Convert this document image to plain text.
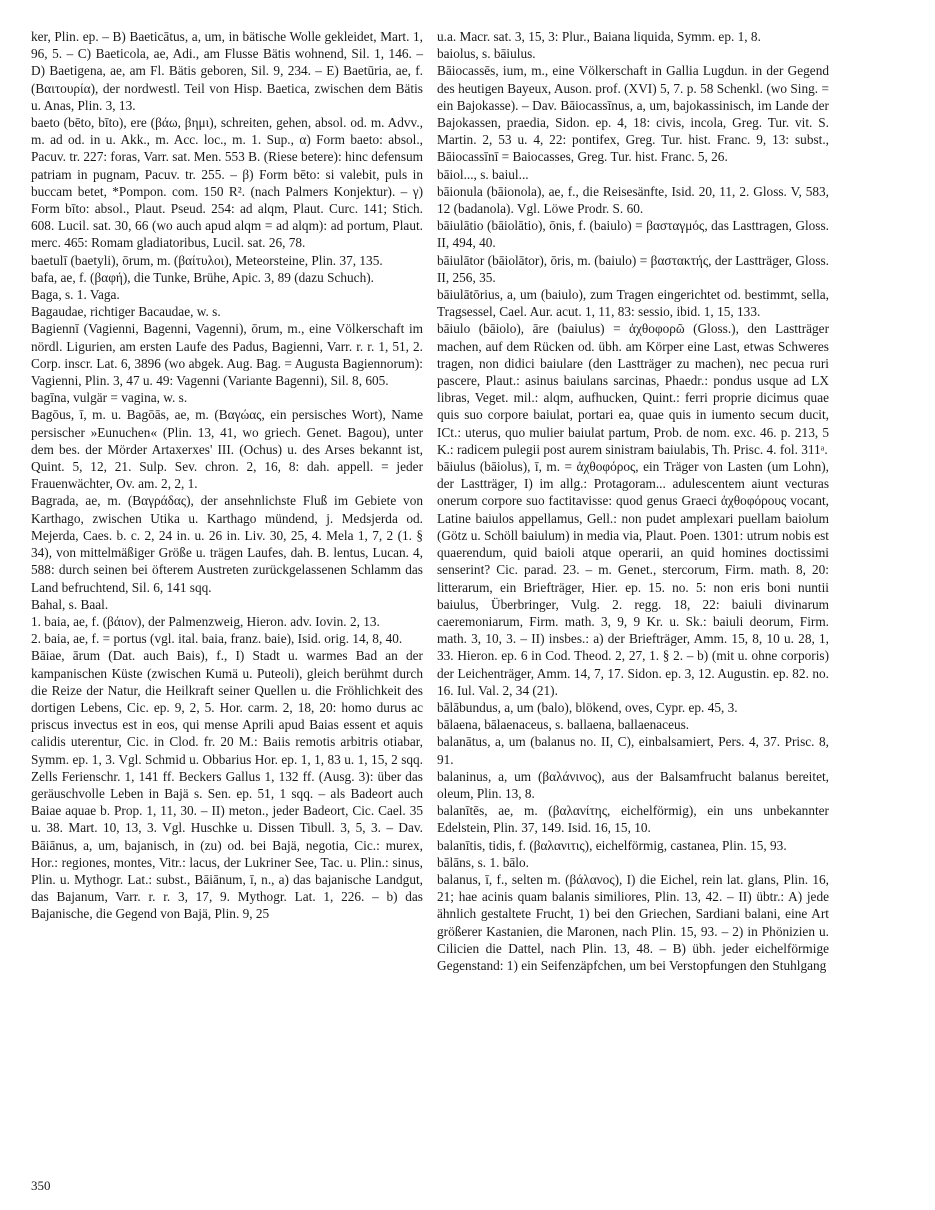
ker, Plin. ep. – B) Baeticātus, a, um, in bätische Wolle gekleidet, Mart. 1, 96, 5. – C) Baeticola, ae, Adi., am Flusse Bätis wohnend, Sil. 1, 146. – D) Baetigena, ae, am Fl. Bätis geboren, Sil. 9, 234. – E) Baetūria, ae, f. (Βαιτουρία), der nordwestl. Teil von Hisp. Baetica, zwischen dem Bätis u. Anas, Plin. 3, 13.

baeto (bēto, bīto), ere (βάω, βημι), schreiten, gehen, absol. od. m. Advv., m. ad od. in u. Akk., m. Acc. loc., m. 1. Sup., α) Form baeto: absol., Pacuv. tr. 227: foras, Varr. sat. Men. 553 B. (Riese betere): hinc defensum patriam in pugnam, Pacuv. tr. 255. – β) Form bēto: si valebit, puls in buccam betet, *Pompon. com. 150 R². (nach Palmers Konjektur). – γ) Form bīto: absol., Plaut. Pseud. 254: ad alqm, Plaut. Curc. 141; Stich. 608. Lucil. sat. 30, 66 (wo auch apud alqm = ad alqm): ad portum, Plaut. merc. 465: Romam gladiatoribus, Lucil. sat. 26, 78.

baetulī (baetyli), ōrum, m. (βαίτυλοι), Meteorsteine, Plin. 37, 135.

bafa, ae, f. (βαφή), die Tunke, Brühe, Apic. 3, 89 (dazu Schuch).

Baga, s. 1. Vaga.

Bagaudae, richtiger Bacaudae, w. s.

Bagiennī (Vagienni, Bagenni, Vagenni), ōrum, m., eine Völkerschaft im nördl. Ligurien, am ersten Laufe des Padus, Bagienni, Varr. r. r. 1, 51, 2. Corp. inscr. Lat. 6, 3896 (wo abgek. Aug. Bag. = Augusta Bagiennorum): Vagienni, Plin. 3, 47 u. 49: Vagenni (Variante Bagenni), Sil. 8, 605.

bagīna, vulgär = vagina, w. s.

Bagōus, ī, m. u. Bagōās, ae, m. (Βαγώας, ein persisches Wort), Name persischer »Eunuchen« (Plin. 13, 41, wo griech. Genet. Bagou), unter dem bes. der Mörder Artaxerxes' III. (Ochus) u. des Arses bekannt ist, Quint. 5, 12, 21. Sulp. Sev. chron. 2, 16, 8: dah. appell. = jeder Frauenwächter, Ov. am. 2, 2, 1.

Bagrada, ae, m. (Βαγράδας), der ansehnlichste Fluß im Gebiete von Karthago, zwischen Utika u. Karthago mündend, j. Medsjerda od. Mejerda, Caes. b. c. 2, 24 in. u. 26 in. Liv. 30, 25, 4. Mela 1, 7, 2 (1. § 34), von mittelmäßiger Größe u. trägen Laufes, dah. B. lentus, Lucan. 4, 588: durch seinen bei öfterem Austreten zurückgelassenen Schlamm das Land befruchtend, Sil. 6, 141 sqq.

Bahal, s. Baal.

1. baia, ae, f. (βάιον), der Palmenzweig, Hieron. adv. Iovin. 2, 13.

2. baia, ae, f. = portus (vgl. ital. baia, franz. baie), Isid. orig. 14, 8, 40.

Bāiae, ārum (Dat. auch Bais), f., I) Stadt u. warmes Bad an der kampanischen Küste (zwischen Kumä u. Puteoli), gleich berühmt durch die Reize der Natur, die Heilkraft seiner Quellen u. die Fröhlichkeit des dortigen Lebens, Cic. ep. 9, 2, 5. Hor. carm. 2, 18, 20: homo durus ac priscus invectus est in eos, qui mense Aprili apud Baias essent et aquis calidis uterentur, Cic. in Clod. fr. 20 M.: Baiis remotis arbitris otiabar, Symm. ep. 1, 3. Vgl. Schmid u. Obbarius Hor. ep. 1, 1, 83 u. 1, 15, 2 sqq. Zells Ferienschr. 1, 141 ff. Beckers Gallus 1, 132 ff. (Ausg. 3): über das geräuschvolle Leben in Bajä s. Sen. ep. 51, 1 sqq. – als Badeort auch Baiae aquae b. Prop. 1, 11, 30. – II) meton., jeder Badeort, Cic. Cael. 35 u. 38. Mart. 10, 13, 3. Vgl. Huschke u. Dissen Tibull. 3, 5, 3. – Dav. Bāiānus, a, um, bajanisch, in (zu) od. bei Bajä, negotia, Cic.: murex, Hor.: regiones, montes, Vitr.: lacus, der Lukriner See, Tac. u. Plin.: sinus, Plin. u. Mythogr. Lat.: subst., Bāiānum, ī, n., a) das bajanische Landgut, das Bajanum, Varr. r. r. 3, 17, 9. Mythogr. Lat. 1, 226. – b) das Bajanische, die Gegend von Bajä, Plin. 9, 25

u.a. Macr. sat. 3, 15, 3: Plur., Baiana liquida, Symm. ep. 1, 8.

baiolus, s. bāiulus.

Bāiocassēs, ium, m., eine Völkerschaft in Gallia Lugdun. in der Gegend des heutigen Bayeux, Auson. prof. (XVI) 5, 7. p. 58 Schenkl. (wo Sing. = ein Bajokasse). – Dav. Bāiocassīnus, a, um, bajokassinisch, im Lande der Bajokassen, praedia, Sidon. ep. 4, 18: civis, incola, Greg. Tur. vit. S. Martin. 2, 53 u. 4, 22: pontifex, Greg. Tur. hist. Franc. 9, 13: subst., Bāiocassīnī = Baiocasses, Greg. Tur. hist. Franc. 5, 26.

bāiol..., s. baiul...

bāionula (bāionola), ae, f., die Reisesänfte, Isid. 20, 11, 2. Gloss. V, 583, 12 (badanola). Vgl. Löwe Prodr. S. 60.

bāiulātio (bāiolātio), ōnis, f. (baiulo) = βασταγμός, das Lasttragen, Gloss. II, 494, 40.

bāiulātor (bāiolātor), ōris, m. (baiulo) = βαστακτής, der Lastträger, Gloss. II, 256, 35.

bāiulātōrius, a, um (baiulo), zum Tragen eingerichtet od. bestimmt, sella, Tragsessel, Cael. Aur. acut. 1, 11, 83: sessio, ibid. 1, 15, 133.

bāiulo (bāiolo), āre (baiulus) = ἀχθοφορῶ (Gloss.), den Lastträger machen, auf dem Rücken od. übh. am Körper eine Last, etwas Schweres tragen, non didici baiulare (den Lastträger zu machen), nec pecua ruri pascere, Plaut.: asinus baiulans sarcinas, Phaedr.: pondus usque ad LX libras, Veget. mil.: alqm, aufhucken, Quint.: ferri proprie dicimus quae quis suo corpore baiulat, portari ea, quae quis in iumento secum ducit, ICt.: uterus, quo mulier baiulat partum, Prob. de nom. exc. 46. p. 213, 5 K.: radicem pulegii post aurem sinistram baiulabis, Th. Prisc. 4. fol. 311ᵃ.

bāiulus (bāiolus), ī, m. = ἀχθοφόρος, ein Träger von Lasten (um Lohn), der Lastträger, I) im allg.: Protagoram... adulescentem aiunt vecturas onerum corpore suo factitavisse: quod genus Graeci ἀχθοφόρους vocant, Latine baiulos appellamus, Gell.: non pudet amplexari puellam baiolum (Götz u. Schöll baiulum) in media via, Plaut. Poen. 1301: utrum nobis est quaerendum, quid baioli atque operarii, an quid homines doctissimi senserint? Cic. parad. 23. – m. Genet., stercorum, Firm. math. 8, 20: litterarum, ein Briefträger, Hier. ep. 15. no. 5: non eris boni nuntii baiulus, Überbringer, Vulg. 2. regg. 18, 22: baiuli divinarum caeremoniarum, Firm. math. 3, 9, 9 Kr. u. Sk.: baiuli deorum, Firm. math. 3, 10, 3. – II) insbes.: a) der Briefträger, Amm. 15, 8, 10 u. 28, 1, 33. Hieron. ep. 6 in Cod. Theod. 2, 27, 1. § 2. – b) (mit u. ohne corporis) der Leichenträger, Amm. 14, 7, 17. Sidon. ep. 3, 12. Augustin. ep. 82. no. 16. Iul. Val. 2, 34 (21).

bālābundus, a, um (balo), blökend, oves, Cypr. ep. 45, 3.

bālaena, bālaenaceus, s. ballaena, ballaenaceus.

balanātus, a, um (balanus no. II, C), einbalsamiert, Pers. 4, 37. Prisc. 8, 91.

balaninus, a, um (βαλάνινος), aus der Balsamfrucht balanus bereitet, oleum, Plin. 13, 8.

balanītēs, ae, m. (βαλανίτης, eichelförmig), ein uns unbekannter Edelstein, Plin. 37, 149. Isid. 16, 15, 10.

balanītis, tidis, f. (βαλανιτις), eichelförmig, castanea, Plin. 15, 93.

bālāns, s. 1. bālo.

balanus, ī, f., selten m. (βάλανος), I) die Eichel, rein lat. glans, Plin. 16, 21; hae acinis quam balanis similiores, Plin. 13, 42. – II) übtr.: A) jede ähnlich gestaltete Frucht, 1) bei den Griechen, Sardiani balani, eine Art größerer Kastanien, die Maronen, nach Plin. 15, 93. – 2) in Phönizien u. Cilicien die Dattel, nach Plin. 13, 48. – B) übh. jeder eichelförmige Gegenstand: 1) ein Seifenzäpfchen, um bei Verstopfungen den Stuhlgang

350
